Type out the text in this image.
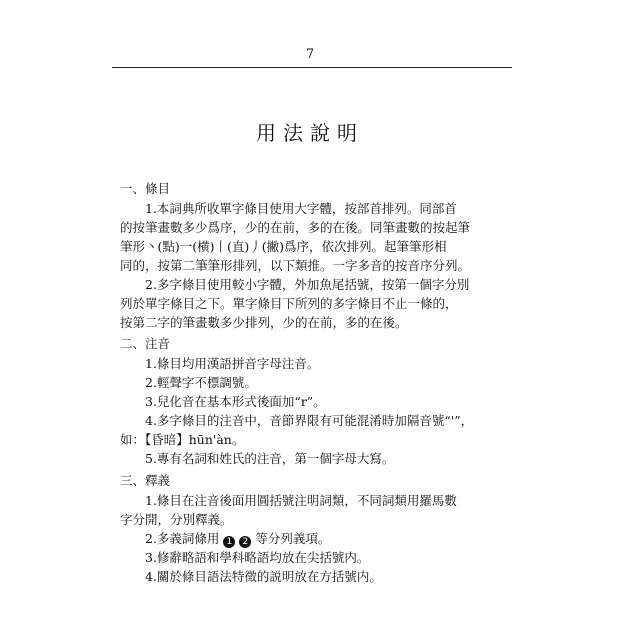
7
用法說明
一、條目
1.本詞典所收單字條目使用大字體，按部首排列。同部首
的按筆畫數多少爲序，少的在前，多的在後。同筆畫數的按起筆
筆形丶(點)一(横)丨(直)丿(撇)爲序，依次排列。起筆筆形相
同的，按第二筆筆形排列，以下類推。一字多音的按音序分列。
2.多字條目使用較小字體，外加魚尾括號，按第一個字分別
列於單字條目之下。單字條目下所列的多字條目不止一條的，
按第二字的筆畫數多少排列，少的在前，多的在後。
二、注音
1.條目均用漢語拼音字母注音。
2.輕聲字不標調號。
3.兒化音在基本形式後面加“r”。
4.多字條目的注音中，音節界限有可能混淆時加隔音號“'”，
如：【昏暗】hūn'àn。
5.專有名詞和姓氏的注音，第一個字母大寫。
三、釋義
1.條目在注音後面用圓括號注明詞類，不同詞類用羅馬數
字分開，分別釋義。
2.多義詞條用 1 2 等分列義項。
3.修辭略語和學科略語均放在尖括號内。
4.關於條目語法特徵的説明放在方括號内。
